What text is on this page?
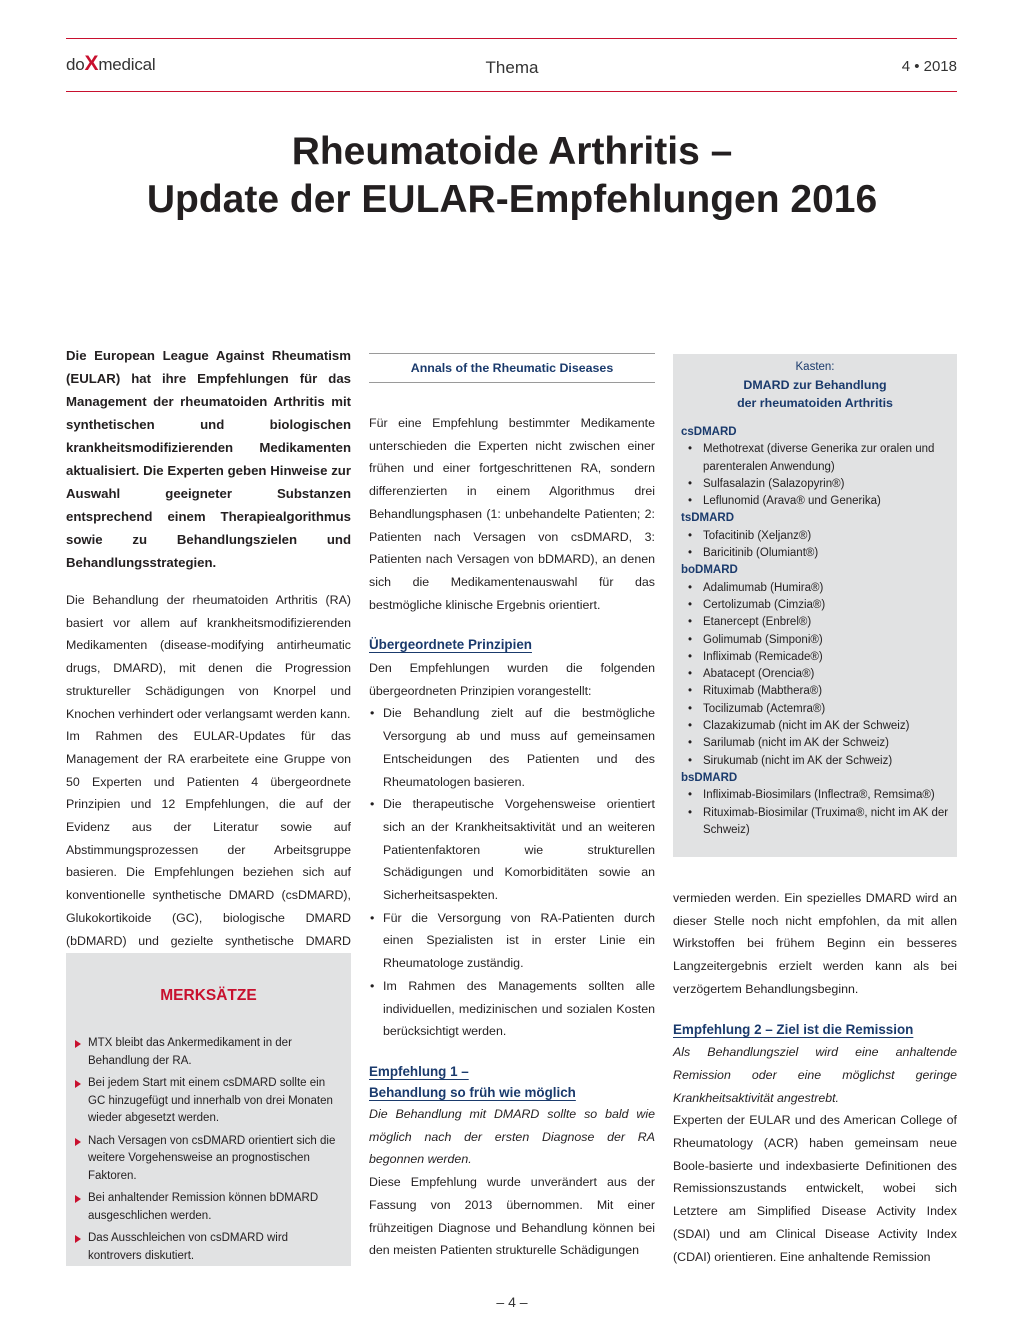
doXmedical	Thema	4 • 2018
Rheumatoide Arthritis –
Update der EULAR-Empfehlungen 2016

Die European League Against Rheumatism (EULAR) hat ihre Empfehlungen für das Management der rheumatoiden Arthritis mit synthetischen und biologischen krankheitsmodifizierenden Medikamenten aktualisiert. Die Experten geben Hinweise zur Auswahl geeigneter Substanzen entsprechend einem Therapiealgorithmus sowie zu Behandlungszielen und Behandlungsstrategien.

Die Behandlung der rheumatoiden Arthritis (RA) basiert vor allem auf krankheitsmodifizierenden Medikamenten (disease-modifying antirheumatic drugs, DMARD), mit denen die Progression struktureller Schädigungen von Knorpel und Knochen verhindert oder verlangsamt werden kann.

Im Rahmen des EULAR-Updates für das Management der RA erarbeitete eine Gruppe von 50 Experten und Patienten 4 übergeordnete Prinzipien und 12 Empfehlungen, die auf der Evidenz aus der Literatur sowie auf Abstimmungsprozessen der Arbeitsgruppe basieren. Die Empfehlungen beziehen sich auf konventionelle synthetische DMARD (csDMARD), Glukokortikoide (GC), biologische DMARD (bDMARD) und gezielte synthetische DMARD

MERKSÄTZE
MTX bleibt das Ankermedikament in der Behandlung der RA.
Bei jedem Start mit einem csDMARD sollte ein GC hinzugefügt und innerhalb von drei Monaten wieder abgesetzt werden.
Nach Versagen von csDMARD orientiert sich die weitere Vorgehensweise an prognostischen Faktoren.
Bei anhaltender Remission können bDMARD ausgeschlichen werden.
Das Ausschleichen von csDMARD wird kontrovers diskutiert.
Annals of the Rheumatic Diseases

Für eine Empfehlung bestimmter Medikamente unterschieden die Experten nicht zwischen einer frühen und einer fortgeschrittenen RA, sondern differenzierten in einem Algorithmus drei Behandlungsphasen (1: unbehandelte Patienten; 2: Patienten nach Versagen von csDMARD, 3: Patienten nach Versagen von bDMARD), an denen sich die Medikamentenauswahl für das bestmögliche klinische Ergebnis orientiert.

Übergeordnete Prinzipien

Den Empfehlungen wurden die folgenden übergeordneten Prinzipien vorangestellt:

• Die Behandlung zielt auf die bestmögliche Versorgung ab und muss auf gemeinsamen Entscheidungen des Patienten und des Rheumatologen basieren.
• Die therapeutische Vorgehensweise orientiert sich an der Krankheitsaktivität und an weiteren Patientenfaktoren wie strukturellen Schädigungen und Komorbiditäten sowie an Sicherheitsaspekten.
• Für die Versorgung von RA-Patienten durch einen Spezialisten ist in erster Linie ein Rheumatologe zuständig.
• Im Rahmen des Managements sollten alle individuellen, medizinischen und sozialen Kosten berücksichtigt werden.

Empfehlung 1 –
Behandlung so früh wie möglich

Die Behandlung mit DMARD sollte so bald wie möglich nach der ersten Diagnose der RA begonnen werden.

Diese Empfehlung wurde unverändert aus der Fassung von 2013 übernommen. Mit einer frühzeitigen Diagnose und Behandlung können bei den meisten Patienten strukturelle Schädigungen

Kasten:
DMARD zur Behandlung
der rheumatoiden Arthritis
csDMARD
• Methotrexat (diverse Generika zur oralen und parenteralen Anwendung)
• Sulfasalazin (Salazopyrin®)
• Leflunomid (Arava® und Generika)
tsDMARD
• Tofacitinib (Xeljanz®)
• Baricitinib (Olumiant®)
boDMARD
• Adalimumab (Humira®)
• Certolizumab (Cimzia®)
• Etanercept (Enbrel®)
• Golimumab (Simponi®)
• Infliximab (Remicade®)
• Abatacept (Orencia®)
• Rituximab (Mabthera®)
• Tocilizumab (Actemra®)
• Clazakizumab (nicht im AK der Schweiz)
• Sarilumab (nicht im AK der Schweiz)
• Sirukumab (nicht im AK der Schweiz)
bsDMARD
• Infliximab-Biosimilars (Inflectra®, Remsima®)
• Rituximab-Biosimilar (Truxima®, nicht im AK der Schweiz)

vermieden werden. Ein spezielles DMARD wird an dieser Stelle noch nicht empfohlen, da mit allen Wirkstoffen bei frühem Beginn ein besseres Langzeitergebnis erzielt werden kann als bei verzögertem Behandlungsbeginn.

Empfehlung 2 – Ziel ist die Remission

Als Behandlungsziel wird eine anhaltende Remission oder eine möglichst geringe Krankheitsaktivität angestrebt.

Experten der EULAR und des American College of Rheumatology (ACR) haben gemeinsam neue Boole-basierte und indexbasierte Definitionen des Remissionszustands entwickelt, wobei sich Letztere am Simplified Disease Activity Index (SDAI) und am Clinical Disease Activity Index (CDAI) orientieren. Eine anhaltende Remission

– 4 –
